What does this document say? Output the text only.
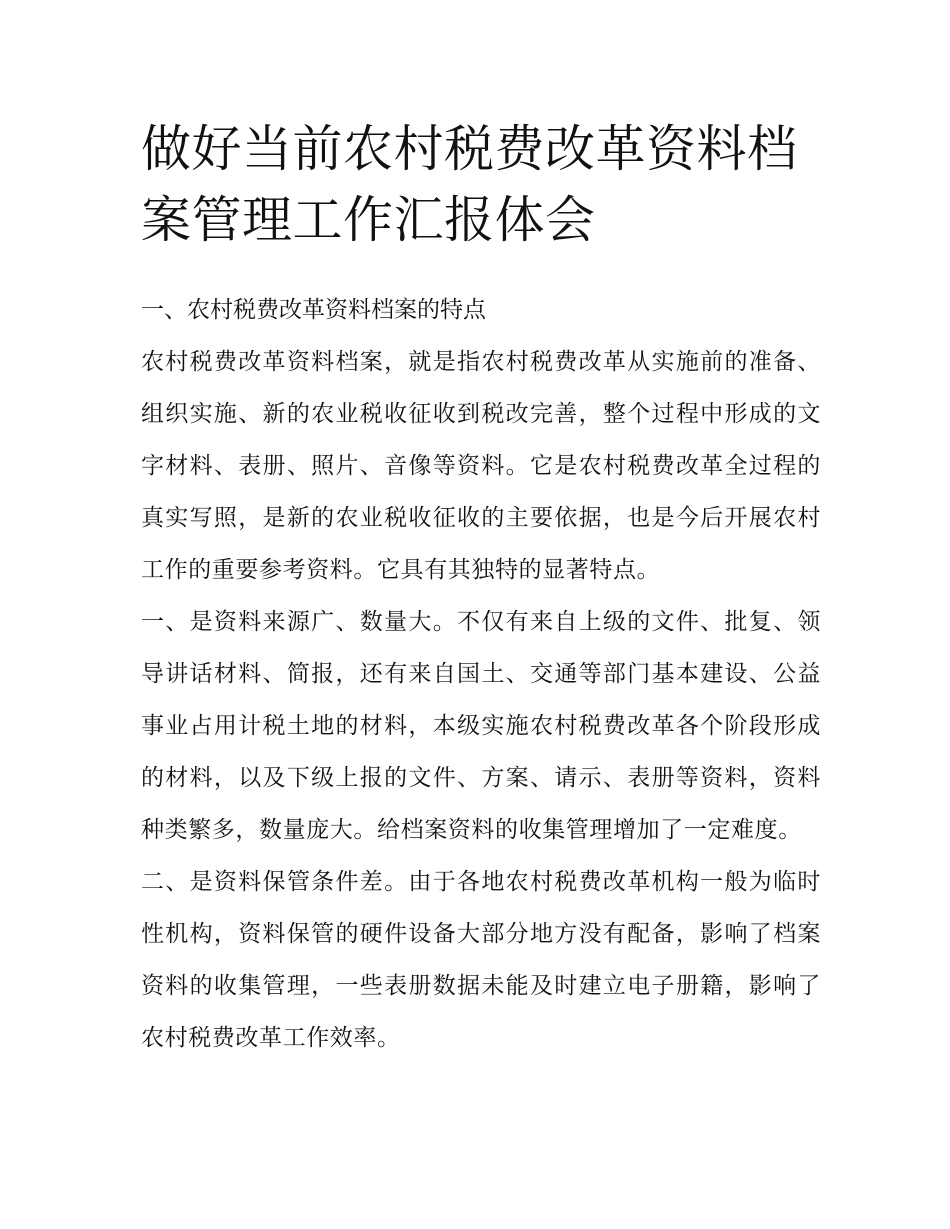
做好当前农村税费改革资料档案管理工作汇报体会

一、农村税费改革资料档案的特点

农村税费改革资料档案，就是指农村税费改革从实施前的准备、组织实施、新的农业税收征收到税改完善，整个过程中形成的文字材料、表册、照片、音像等资料。它是农村税费改革全过程的真实写照，是新的农业税收征收的主要依据，也是今后开展农村工作的重要参考资料。它具有其独特的显著特点。

一、是资料来源广、数量大。不仅有来自上级的文件、批复、领导讲话材料、简报，还有来自国土、交通等部门基本建设、公益事业占用计税土地的材料，本级实施农村税费改革各个阶段形成的材料，以及下级上报的文件、方案、请示、表册等资料，资料种类繁多，数量庞大。给档案资料的收集管理增加了一定难度。

二、是资料保管条件差。由于各地农村税费改革机构一般为临时性机构，资料保管的硬件设备大部分地方没有配备，影响了档案资料的收集管理，一些表册数据未能及时建立电子册籍，影响了农村税费改革工作效率。
